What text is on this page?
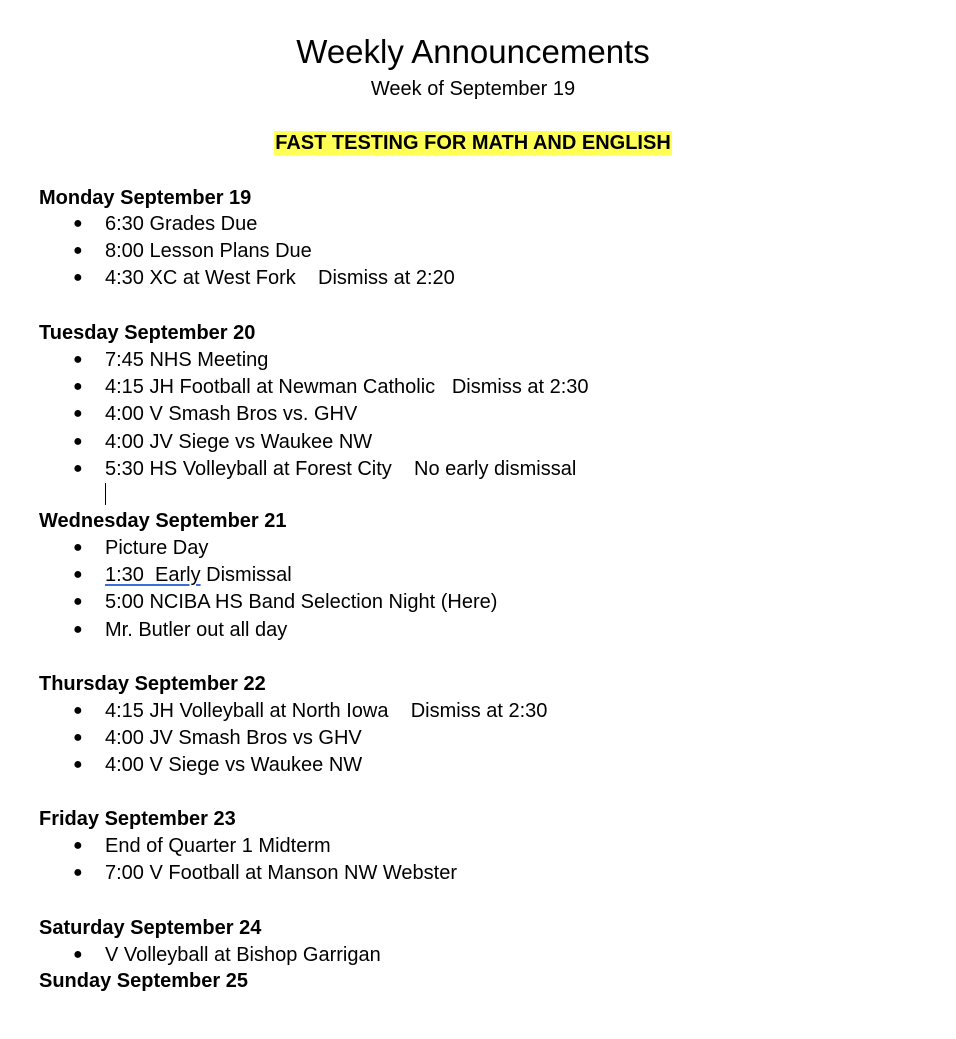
Weekly Announcements
Week of September 19
FAST TESTING FOR MATH AND ENGLISH
Monday September 19

●

6:30 Grades Due

●

8:00 Lesson Plans Due

●

4:30 XC at West Fork    Dismiss at 2:20

Tuesday September 20

●

7:45 NHS Meeting

●

4:15 JH Football at Newman Catholic   Dismiss at 2:30

●

4:00 V Smash Bros vs. GHV

●

4:00 JV Siege vs Waukee NW

●

5:30 HS Volleyball at Forest City    No early dismissal

Wednesday September 21

●

Picture Day

●

1:30  Early Dismissal

●

5:00 NCIBA HS Band Selection Night (Here)

●

Mr. Butler out all day

Thursday September 22

●

4:15 JH Volleyball at North Iowa    Dismiss at 2:30

●

4:00 JV Smash Bros vs GHV

●

4:00 V Siege vs Waukee NW

Friday September 23

●

End of Quarter 1 Midterm

●

7:00 V Football at Manson NW Webster

Saturday September 24

●

V Volleyball at Bishop Garrigan

Sunday September 25
